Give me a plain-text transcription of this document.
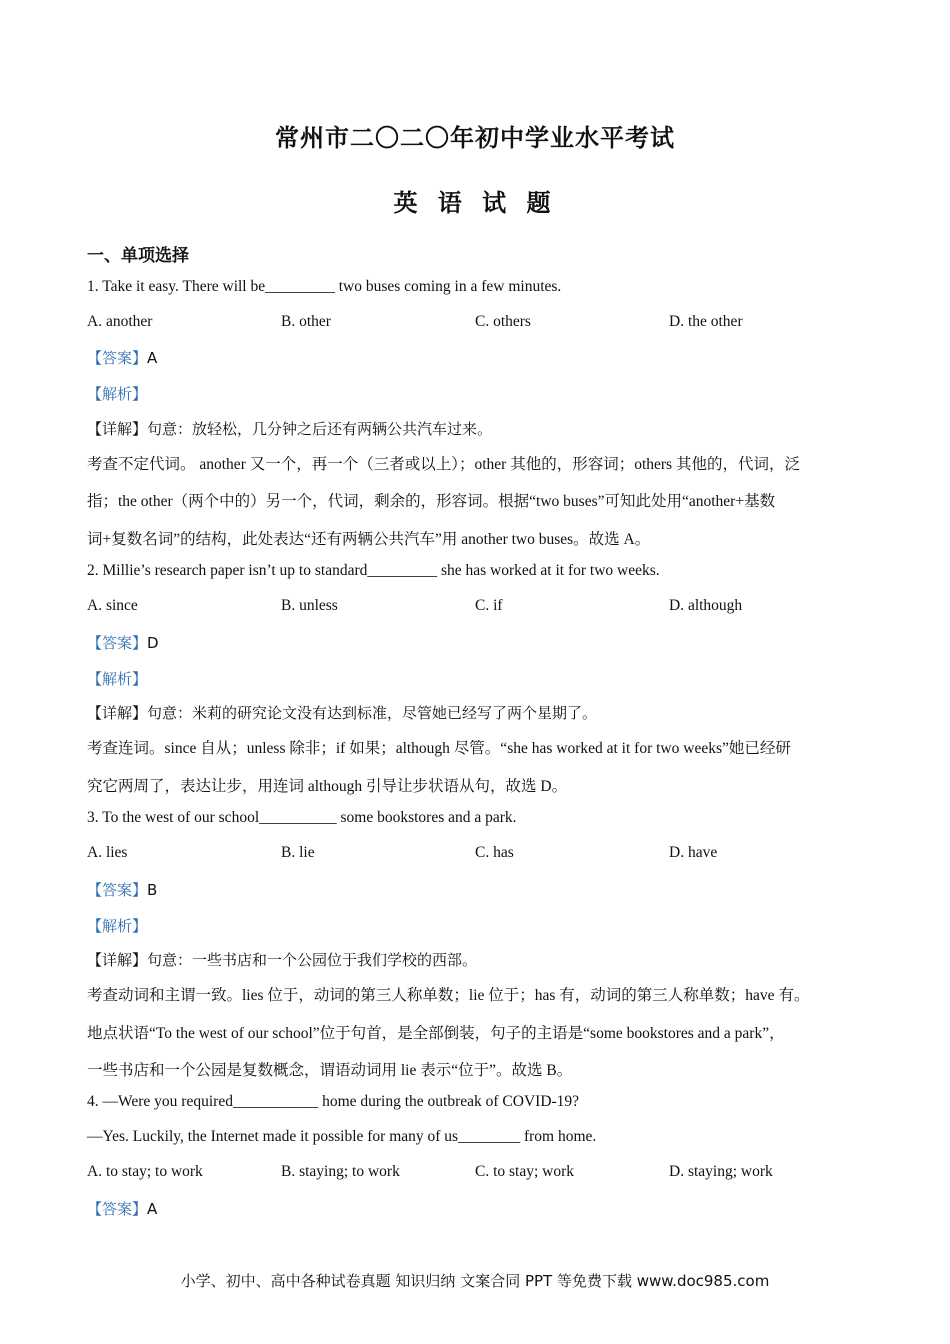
常州市二〇二〇年初中学业水平考试
英 语 试 题
一、单项选择
1. Take it easy. There will be_________ two buses coming in a few minutes.
A. another	B. other	C. others	D. the other
【答案】A
【解析】
【详解】句意：放轻松，几分钟之后还有两辆公共汽车过来。
考查不定代词。 another 又一个，再一个（三者或以上）；other 其他的，形容词；others 其他的，代词，泛
指；the other（两个中的）另一个，代词，剩余的，形容词。根据“two buses”可知此处用“another+基数
词+复数名词”的结构，此处表达“还有两辆公共汽车”用 another two buses。故选 A。
2. Millie’s research paper isn’t up to standard_________ she has worked at it for two weeks.
A. since	B. unless	C. if	D. although
【答案】D
【解析】
【详解】句意：米莉的研究论文没有达到标准，尽管她已经写了两个星期了。
考查连词。since 自从；unless 除非；if 如果；although 尽管。“she has worked at it for two weeks”她已经研
究它两周了，表达让步，用连词 although 引导让步状语从句，故选 D。
3. To the west of our school__________ some bookstores and a park.
A. lies	B. lie	C. has	D. have
【答案】B
【解析】
【详解】句意：一些书店和一个公园位于我们学校的西部。
考查动词和主谓一致。lies 位于，动词的第三人称单数；lie 位于；has 有，动词的第三人称单数；have 有。
地点状语“To the west of our school”位于句首，是全部倒装，句子的主语是“some bookstores and a park”，
一些书店和一个公园是复数概念，谓语动词用 lie 表示“位于”。故选 B。
4. —Were you required___________ home during the outbreak of COVID-19?
—Yes. Luckily, the Internet made it possible for many of us________ from home.
A. to stay; to work	B. staying; to work	C. to stay; work	D. staying; work
【答案】A
小学、初中、高中各种试卷真题 知识归纳 文案合同 PPT 等免费下载 www.doc985.com
